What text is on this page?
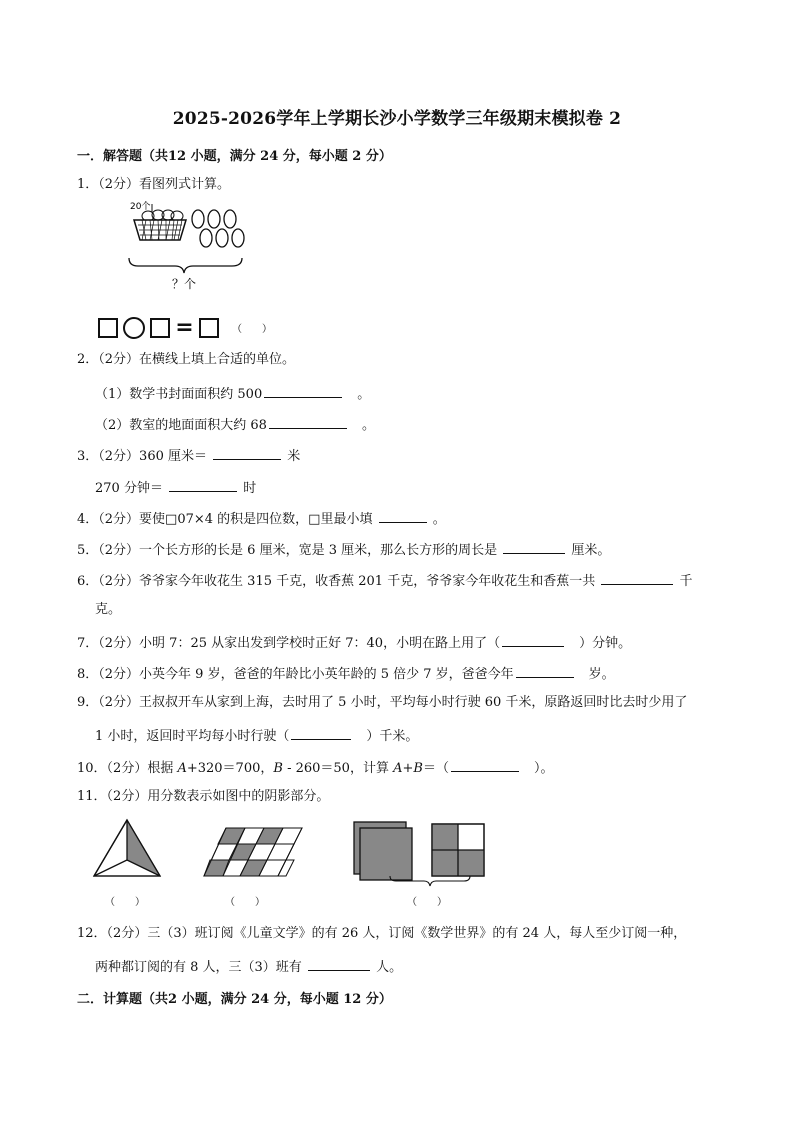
2025-2026学年上学期长沙小学数学三年级期末模拟卷 2
一．解答题（共12 小题，满分 24 分，每小题 2 分）
1．（2分）看图列式计算。
20个
？个
=	（　　）
2．（2分）在横线上填上合适的单位。
（1）数学书封面面积约 500　	。
（2）教室的地面面积大约 68　	。
3．（2分）360 厘米＝	米
270 分钟＝	时
4．（2分）要使□07×4 的积是四位数，□里最小填	。
5．（2分）一个长方形的长是 6 厘米，宽是 3 厘米，那么长方形的周长是	厘米。
6．（2分）爷爷家今年收花生 315 千克，收香蕉 201 千克，爷爷家今年收花生和香蕉一共	千
克。
7．（2分）小明 7：25 从家出发到学校时正好 7：40，小明在路上用了（　	）分钟。
8．（2分）小英今年 9 岁，爸爸的年龄比小英年龄的 5 倍少 7 岁，爸爸今年　	岁。
9．（2分）王叔叔开车从家到上海，去时用了 5 小时，平均每小时行驶 60 千米，原路返回时比去时少用了
1 小时，返回时平均每小时行驶（　	）千米。
10．（2分）根据 A+320＝700，B - 260＝50，计算 A+B＝（　	）。
11．（2分）用分数表示如图中的阴影部分。
（　　）	（　　）	（　　）
12．（2分）三（3）班订阅《儿童文学》的有 26 人，订阅《数学世界》的有 24 人，每人至少订阅一种，
两种都订阅的有 8 人，三（3）班有	人。
二．计算题（共2 小题，满分 24 分，每小题 12 分）
